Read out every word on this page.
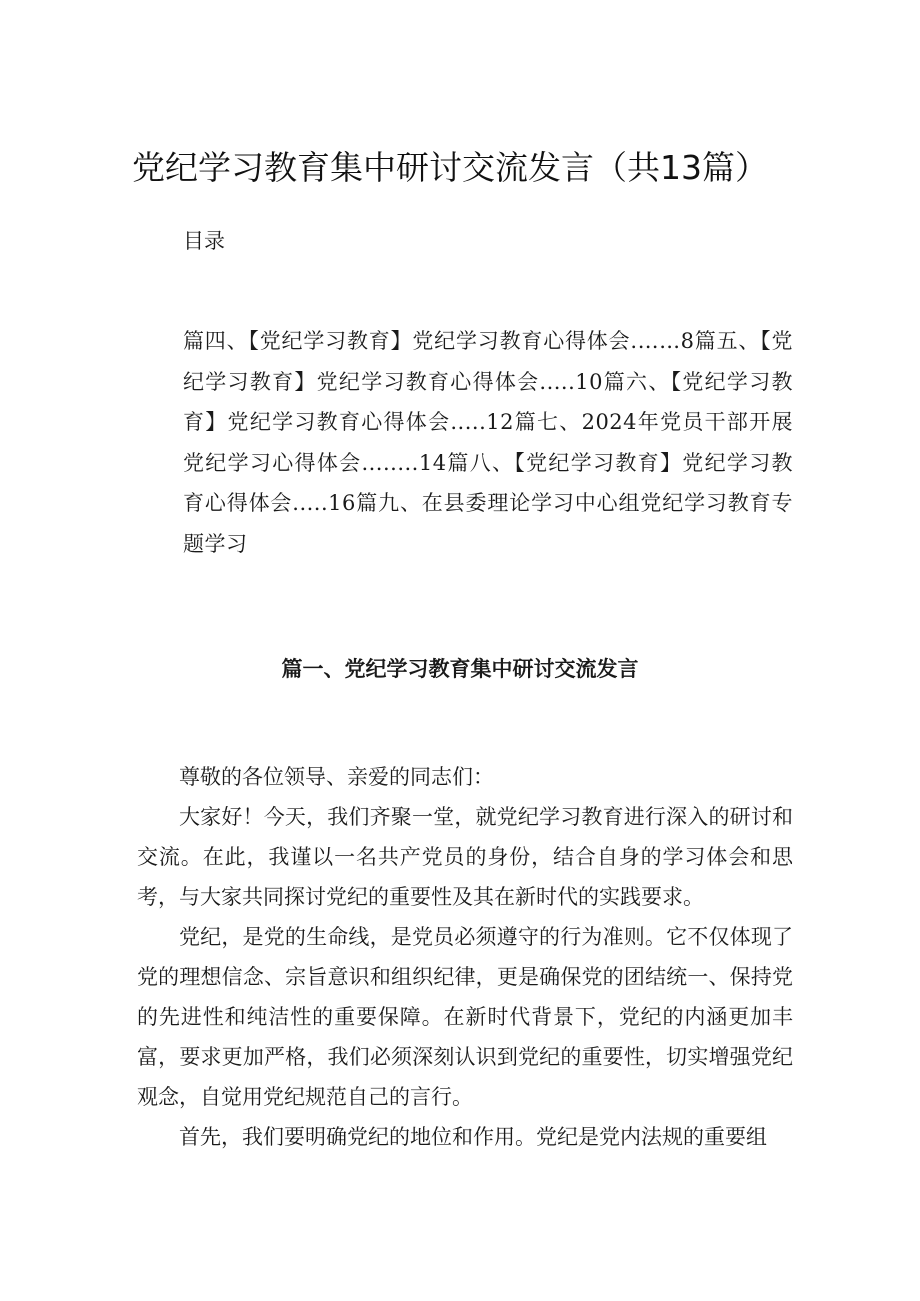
党纪学习教育集中研讨交流发言（共13篇）
目录
篇四、【党纪学习教育】党纪学习教育心得体会.……8篇五、【党纪学习教育】党纪学习教育心得体会.....10篇六、【党纪学习教育】党纪学习教育心得体会.....12篇七、2024年党员干部开展党纪学习心得体会........14篇八、【党纪学习教育】党纪学习教育心得体会.....16篇九、在县委理论学习中心组党纪学习教育专题学习
篇一、党纪学习教育集中研讨交流发言

尊敬的各位领导、亲爱的同志们：

大家好！今天，我们齐聚一堂，就党纪学习教育进行深入的研讨和交流。在此，我谨以一名共产党员的身份，结合自身的学习体会和思考，与大家共同探讨党纪的重要性及其在新时代的实践要求。

党纪，是党的生命线，是党员必须遵守的行为准则。它不仅体现了党的理想信念、宗旨意识和组织纪律，更是确保党的团结统一、保持党的先进性和纯洁性的重要保障。在新时代背景下，党纪的内涵更加丰富，要求更加严格，我们必须深刻认识到党纪的重要性，切实增强党纪观念，自觉用党纪规范自己的言行。

首先，我们要明确党纪的地位和作用。党纪是党内法规的重要组
